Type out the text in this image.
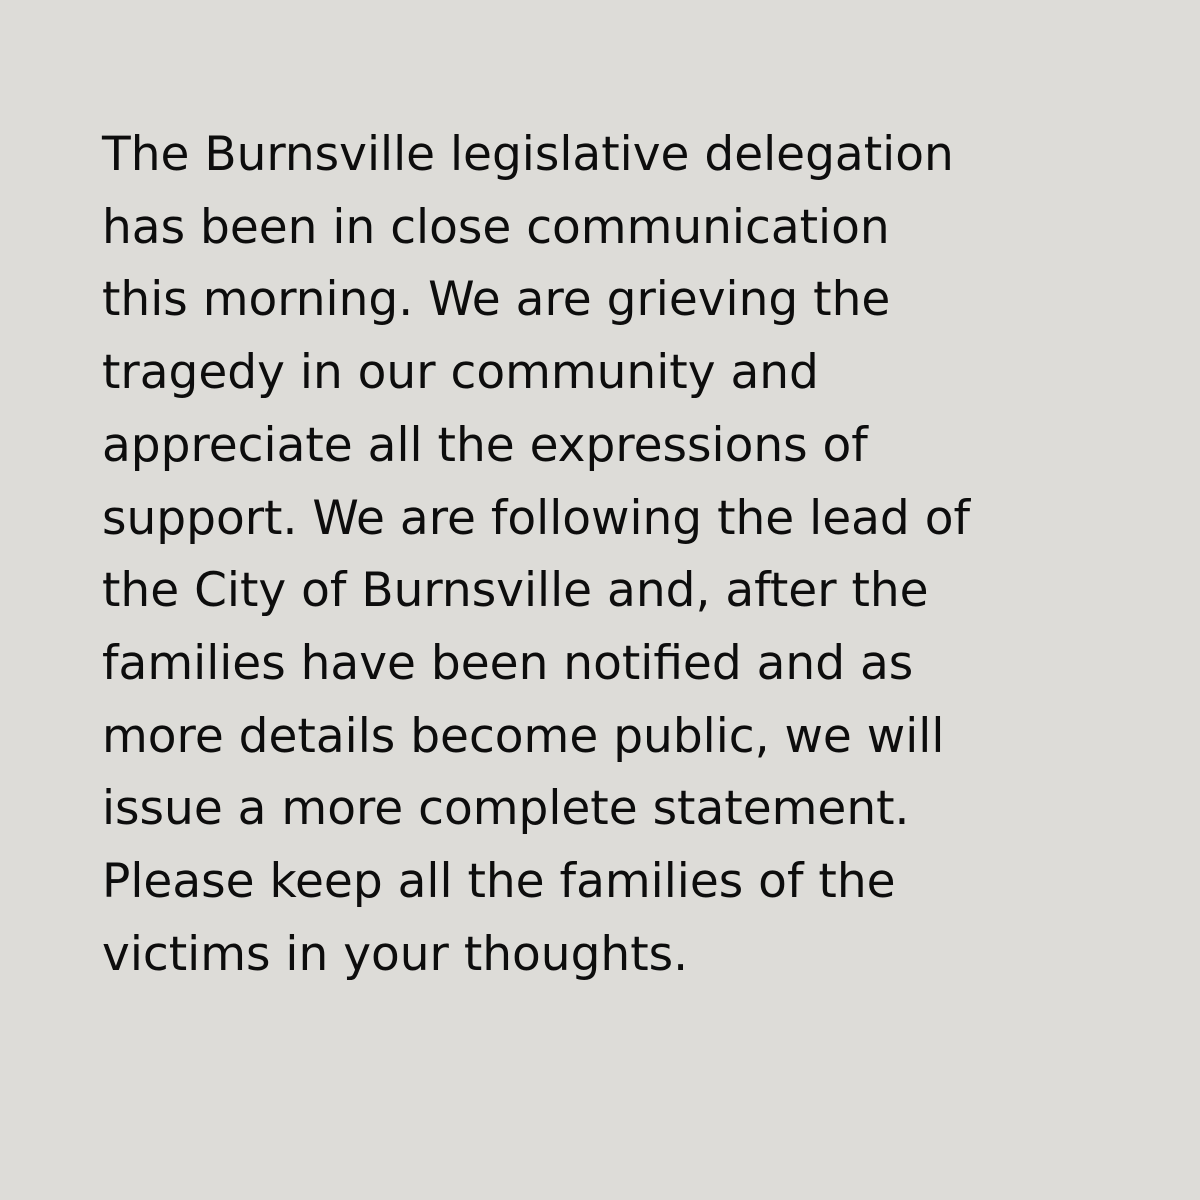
The Burnsville legislative delegation
has been in close communication
this morning. We are grieving the
tragedy in our community and
appreciate all the expressions of
support. We are following the lead of
the City of Burnsville and, after the
families have been notified and as
more details become public, we will
issue a more complete statement.
Please keep all the families of the
victims in your thoughts.
